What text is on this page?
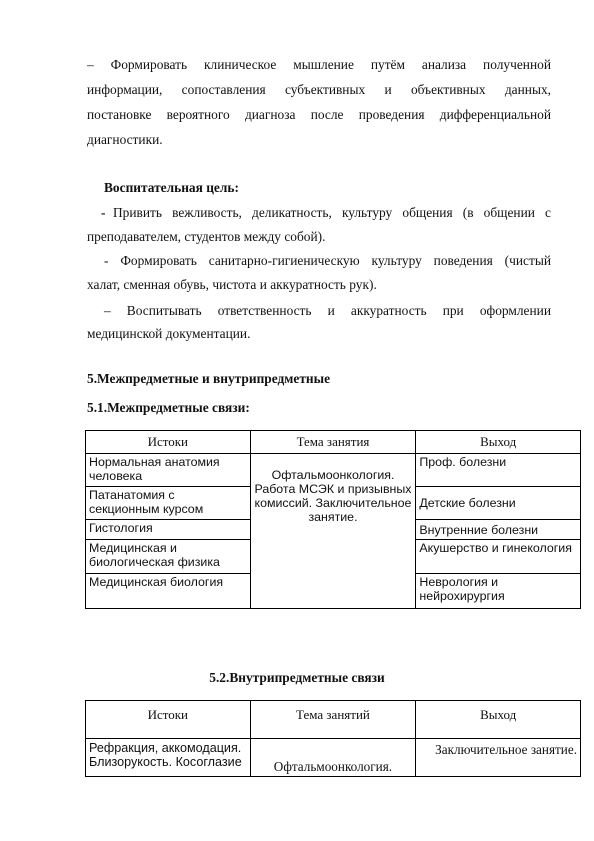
– Формировать клиническое мышление путём анализа полученной
информации, сопоставления субъективных и объективных данных,
постановке вероятного диагноза после проведения дифференциальной
диагностики.
Воспитательная цель:
- Привить вежливость, деликатность, культуру общения (в общении с
преподавателем, студентов между собой).
- Формировать санитарно-гигиеническую культуру поведения (чистый
халат, сменная обувь, чистота и аккуратность рук).
– Воспитывать ответственность и аккуратность при оформлении
медицинской документации.
5.Межпредметные и внутрипредметные
5.1.Межпредметные связи:
Истоки	Тема занятия	Выход
Нормальная анатомия человека	Офтальмоонкология. Работа МСЭК и призывных комиссий. Заключительное занятие.	Проф. болезни
Патанатомия с секционным курсом		Детские болезни
Гистология		Внутренние болезни
Медицинская и биологическая физика		Акушерство и гинекология
Медицинская биология		Неврология и нейрохирургия
5.2.Внутрипредметные связи
Истоки	Тема занятий	Выход
Рефракция, аккомодация. Близорукость. Косоглазие	Офтальмоонкология.	Заключительное занятие.
